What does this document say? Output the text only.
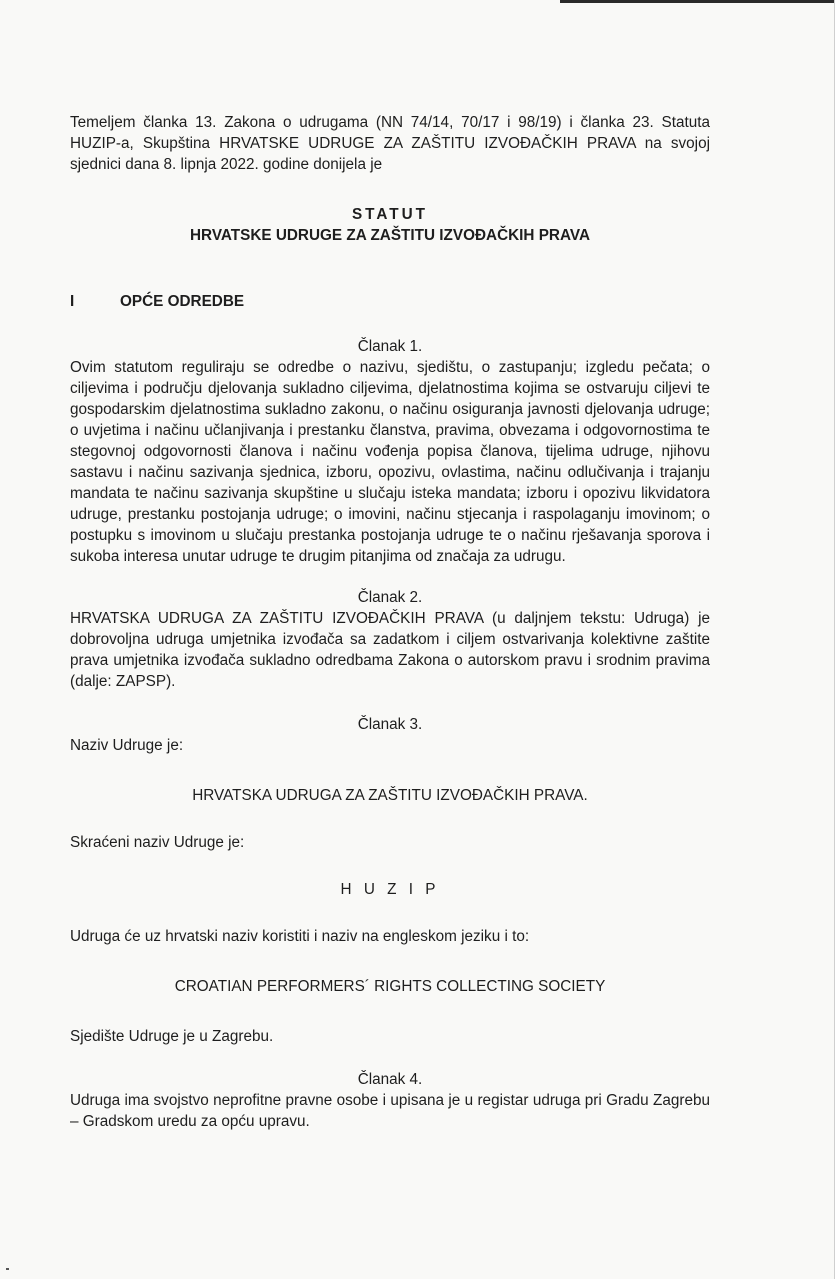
Temeljem članka 13. Zakona o udrugama (NN 74/14, 70/17 i 98/19) i članka 23. Statuta HUZIP-a, Skupština HRVATSKE UDRUGE ZA ZAŠTITU IZVOĐAČKIH PRAVA na svojoj sjednici dana 8. lipnja 2022. godine donijela je

STATUT

HRVATSKE UDRUGE ZA ZAŠTITU IZVOĐAČKIH PRAVA

I	OPĆE ODREDBE

Članak 1.

Ovim statutom reguliraju se odredbe o nazivu, sjedištu, o zastupanju; izgledu pečata; o ciljevima i području djelovanja sukladno ciljevima, djelatnostima kojima se ostvaruju ciljevi te gospodarskim djelatnostima sukladno zakonu, o načinu osiguranja javnosti djelovanja udruge; o uvjetima i načinu učlanjivanja i prestanku članstva, pravima, obvezama i odgovornostima te stegovnoj odgovornosti članova i načinu vođenja popisa članova, tijelima udruge, njihovu sastavu i načinu sazivanja sjednica, izboru, opozivu, ovlastima, načinu odlučivanja i trajanju mandata te načinu sazivanja skupštine u slučaju isteka mandata; izboru i opozivu likvidatora udruge, prestanku postojanja udruge; o imovini, načinu stjecanja i raspolaganju imovinom; o postupku s imovinom u slučaju prestanka postojanja udruge te o načinu rješavanja sporova i sukoba interesa unutar udruge te drugim pitanjima od značaja za udrugu.

Članak 2.

HRVATSKA UDRUGA ZA ZAŠTITU IZVOĐAČKIH PRAVA (u daljnjem tekstu: Udruga) je dobrovoljna udruga umjetnika izvođača sa zadatkom i ciljem ostvarivanja kolektivne zaštite prava umjetnika izvođača sukladno odredbama Zakona o autorskom pravu i srodnim pravima (dalje: ZAPSP).

Članak 3.

Naziv Udruge je:

HRVATSKA UDRUGA ZA ZAŠTITU IZVOĐAČKIH PRAVA.

Skraćeni naziv Udruge je:

H U Z I P

Udruga će uz hrvatski naziv koristiti i naziv na engleskom jeziku i to:

CROATIAN PERFORMERS´ RIGHTS COLLECTING SOCIETY

Sjedište Udruge je u Zagrebu.

Članak 4.

Udruga ima svojstvo neprofitne pravne osobe i upisana je u registar udruga pri Gradu Zagrebu – Gradskom uredu za opću upravu.
